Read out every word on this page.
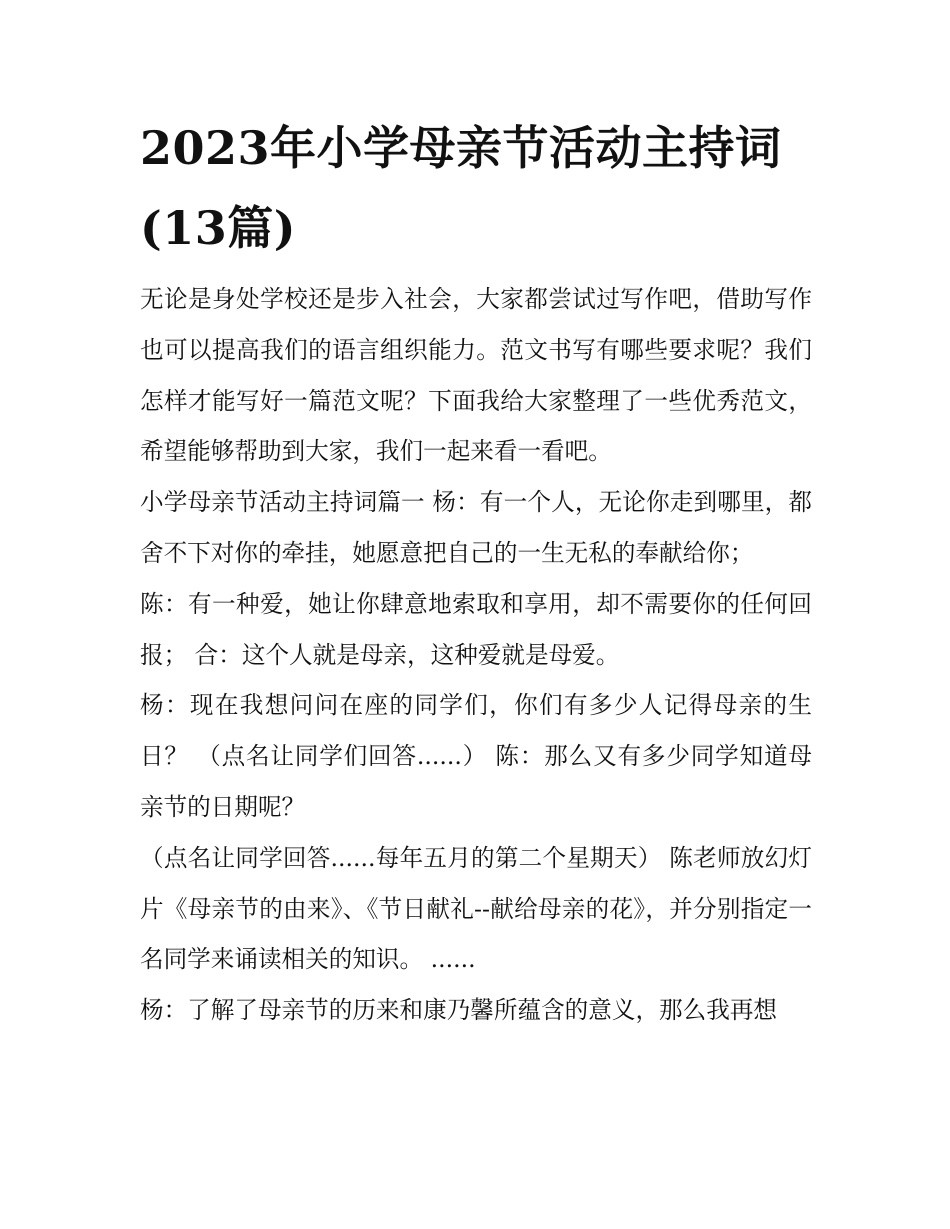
2023年小学母亲节活动主持词(13篇)

无论是身处学校还是步入社会，大家都尝试过写作吧，借助写作也可以提高我们的语言组织能力。范文书写有哪些要求呢？我们怎样才能写好一篇范文呢？下面我给大家整理了一些优秀范文，希望能够帮助到大家，我们一起来看一看吧。

小学母亲节活动主持词篇一 杨：有一个人，无论你走到哪里，都舍不下对你的牵挂，她愿意把自己的一生无私的奉献给你；

陈：有一种爱，她让你肆意地索取和享用，却不需要你的任何回报； 合：这个人就是母亲，这种爱就是母爱。

杨：现在我想问问在座的同学们，你们有多少人记得母亲的生日？ （点名让同学们回答......） 陈：那么又有多少同学知道母亲节的日期呢？

（点名让同学回答......每年五月的第二个星期天） 陈老师放幻灯片《母亲节的由来》、《节日献礼--献给母亲的花》，并分别指定一名同学来诵读相关的知识。 ......

杨：了解了母亲节的历来和康乃馨所蕴含的意义，那么我再想
